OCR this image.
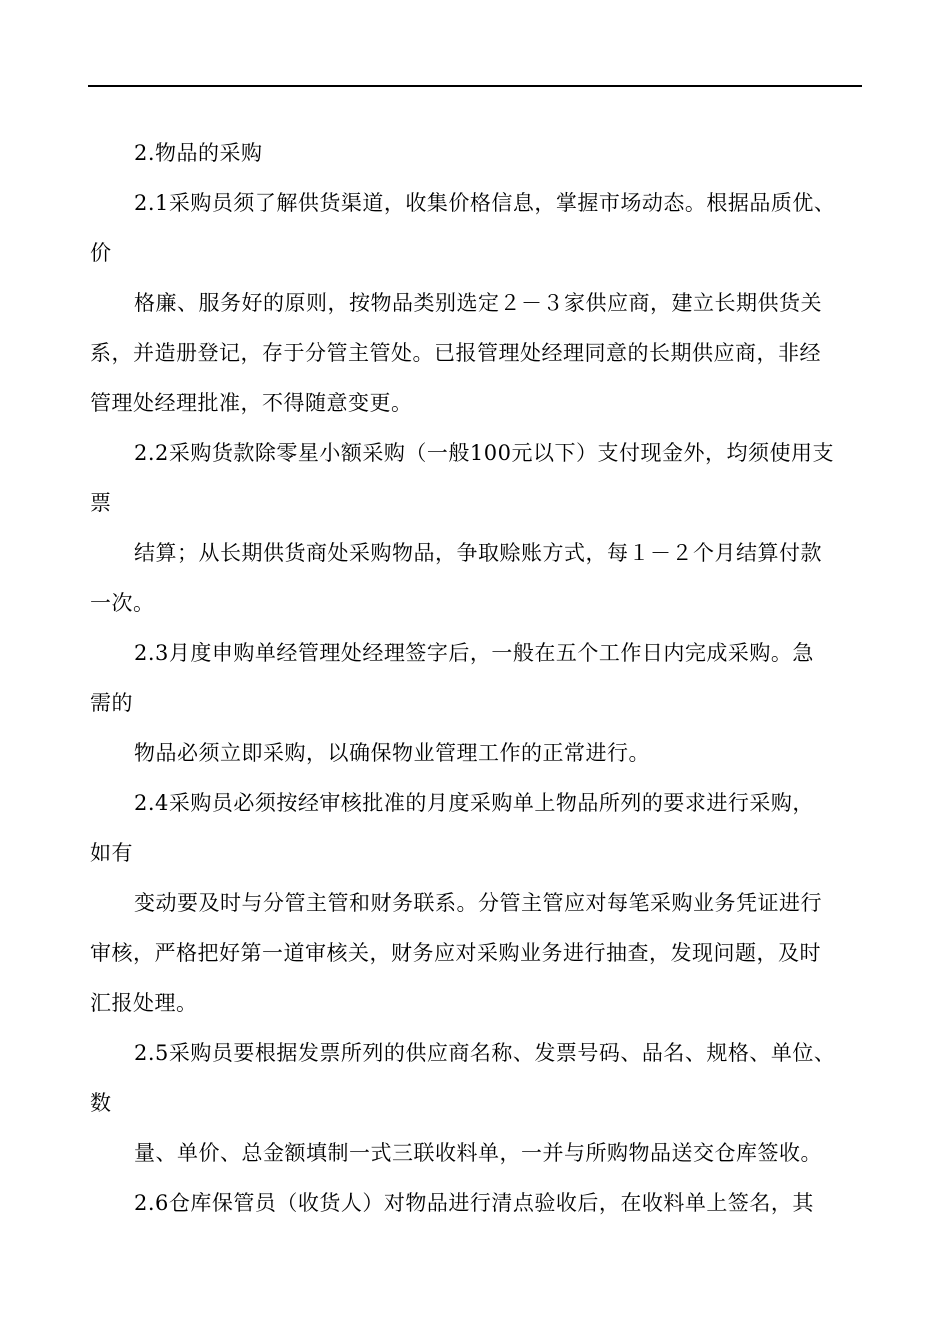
2.物品的采购
2.1采购员须了解供货渠道，收集价格信息，掌握市场动态。根据品质优、
价
格廉、服务好的原则，按物品类别选定２－３家供应商，建立长期供货关
系，并造册登记，存于分管主管处。已报管理处经理同意的长期供应商，非经
管理处经理批准，不得随意变更。
2.2采购货款除零星小额采购（一般100元以下）支付现金外，均须使用支
票
结算；从长期供货商处采购物品，争取赊账方式，每１－２个月结算付款
一次。
2.3月度申购单经管理处经理签字后，一般在五个工作日内完成采购。急
需的
物品必须立即采购，以确保物业管理工作的正常进行。
2.4采购员必须按经审核批准的月度采购单上物品所列的要求进行采购，
如有
变动要及时与分管主管和财务联系。分管主管应对每笔采购业务凭证进行
审核，严格把好第一道审核关，财务应对采购业务进行抽查，发现问题，及时
汇报处理。
2.5采购员要根据发票所列的供应商名称、发票号码、品名、规格、单位、
数
量、单价、总金额填制一式三联收料单，一并与所购物品送交仓库签收。
2.6仓库保管员（收货人）对物品进行清点验收后，在收料单上签名，其
